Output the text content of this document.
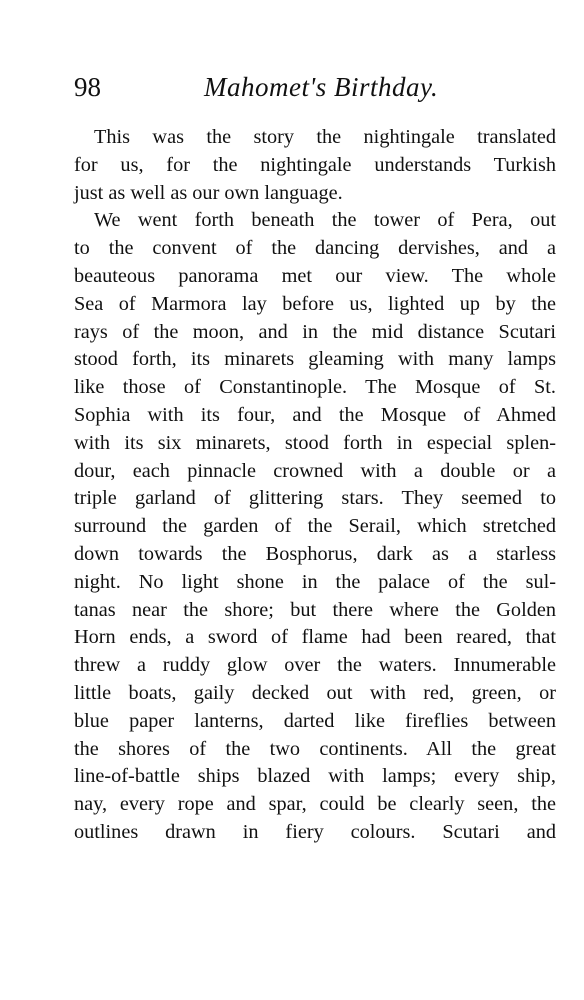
98	Mahomet's Birthday.
This was the story the nightingale translated
for us, for the nightingale understands Turkish
just as well as our own language.
We went forth beneath the tower of Pera, out
to the convent of the dancing dervishes, and a
beauteous panorama met our view. The whole
Sea of Marmora lay before us, lighted up by the
rays of the moon, and in the mid distance Scutari
stood forth, its minarets gleaming with many lamps
like those of Constantinople. The Mosque of St.
Sophia with its four, and the Mosque of Ahmed
with its six minarets, stood forth in especial splen-
dour, each pinnacle crowned with a double or a
triple garland of glittering stars. They seemed to
surround the garden of the Serail, which stretched
down towards the Bosphorus, dark as a starless
night. No light shone in the palace of the sul-
tanas near the shore; but there where the Golden
Horn ends, a sword of flame had been reared, that
threw a ruddy glow over the waters. Innumerable
little boats, gaily decked out with red, green, or
blue paper lanterns, darted like fireflies between
the shores of the two continents. All the great
line-of-battle ships blazed with lamps; every ship,
nay, every rope and spar, could be clearly seen, the
outlines drawn in fiery colours. Scutari and
